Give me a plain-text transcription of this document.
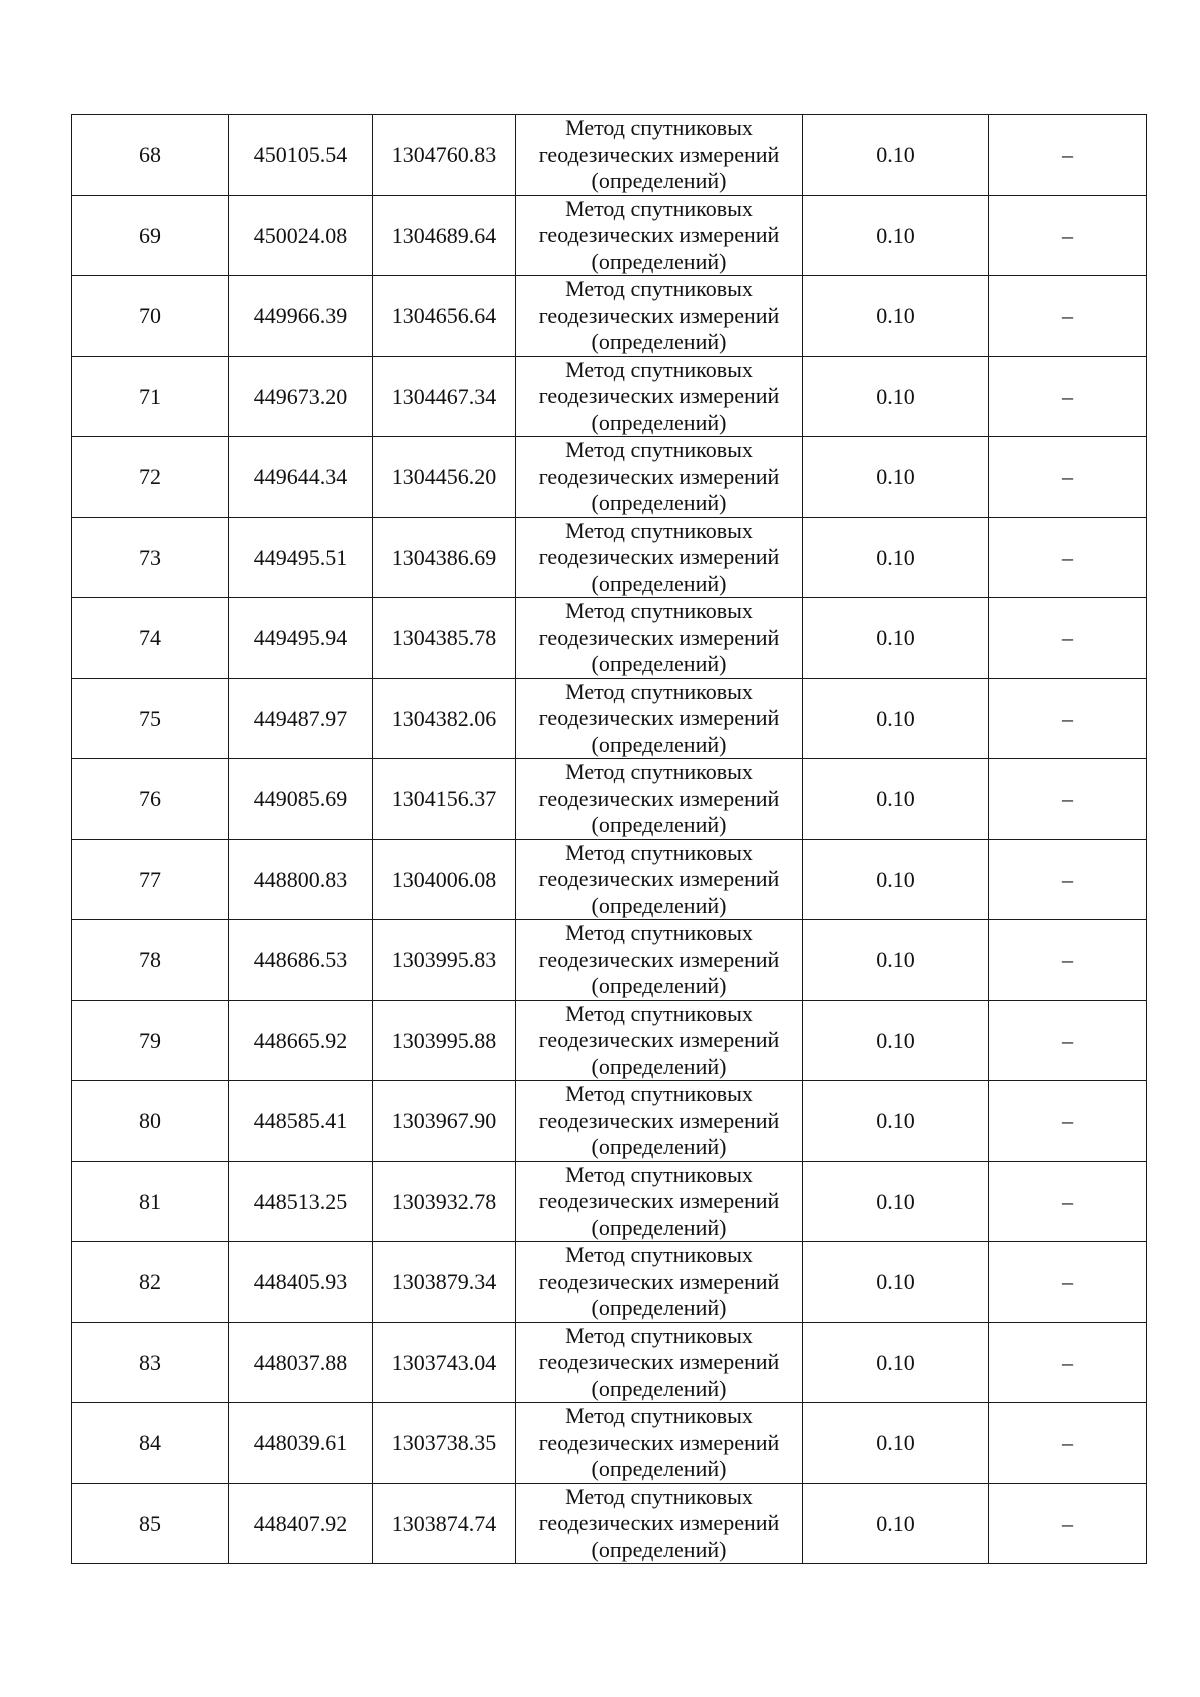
68	450105.54	1304760.83	Метод спутниковых
геодезических измерений
(определений)	0.10	–
69	450024.08	1304689.64	Метод спутниковых
геодезических измерений
(определений)	0.10	–
70	449966.39	1304656.64	Метод спутниковых
геодезических измерений
(определений)	0.10	–
71	449673.20	1304467.34	Метод спутниковых
геодезических измерений
(определений)	0.10	–
72	449644.34	1304456.20	Метод спутниковых
геодезических измерений
(определений)	0.10	–
73	449495.51	1304386.69	Метод спутниковых
геодезических измерений
(определений)	0.10	–
74	449495.94	1304385.78	Метод спутниковых
геодезических измерений
(определений)	0.10	–
75	449487.97	1304382.06	Метод спутниковых
геодезических измерений
(определений)	0.10	–
76	449085.69	1304156.37	Метод спутниковых
геодезических измерений
(определений)	0.10	–
77	448800.83	1304006.08	Метод спутниковых
геодезических измерений
(определений)	0.10	–
78	448686.53	1303995.83	Метод спутниковых
геодезических измерений
(определений)	0.10	–
79	448665.92	1303995.88	Метод спутниковых
геодезических измерений
(определений)	0.10	–
80	448585.41	1303967.90	Метод спутниковых
геодезических измерений
(определений)	0.10	–
81	448513.25	1303932.78	Метод спутниковых
геодезических измерений
(определений)	0.10	–
82	448405.93	1303879.34	Метод спутниковых
геодезических измерений
(определений)	0.10	–
83	448037.88	1303743.04	Метод спутниковых
геодезических измерений
(определений)	0.10	–
84	448039.61	1303738.35	Метод спутниковых
геодезических измерений
(определений)	0.10	–
85	448407.92	1303874.74	Метод спутниковых
геодезических измерений
(определений)	0.10	–
